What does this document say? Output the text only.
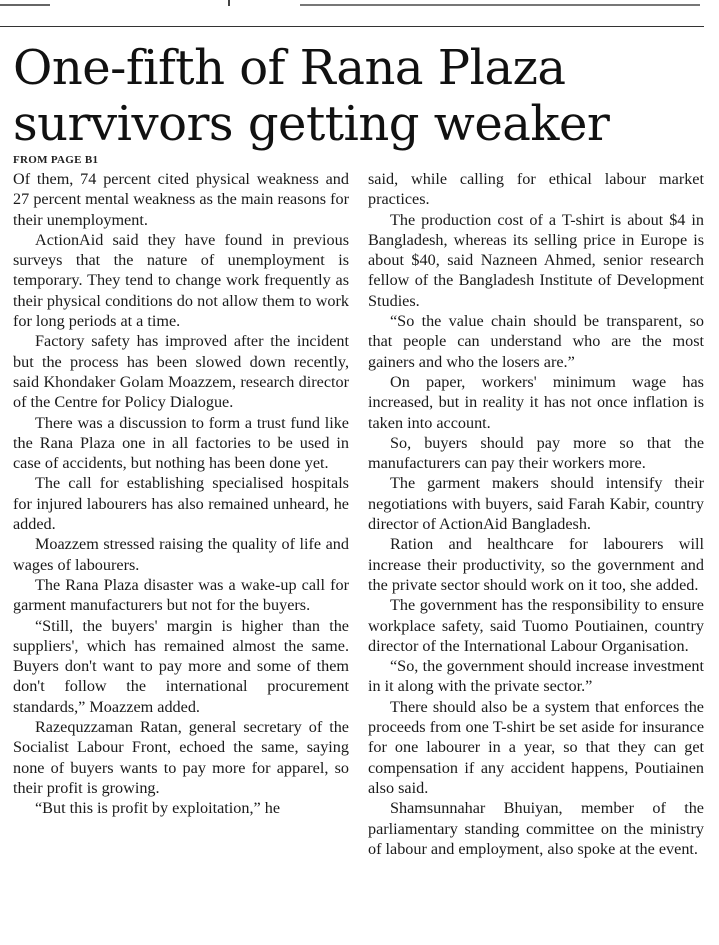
One-fifth of Rana Plaza
survivors getting weaker
FROM PAGE B1

Of them, 74 percent cited physical weakness and 27 percent mental weakness as the main reasons for their unemployment.

ActionAid said they have found in previous surveys that the nature of unemployment is temporary. They tend to change work frequently as their physical conditions do not allow them to work for long periods at a time.

Factory safety has improved after the incident but the process has been slowed down recently, said Khondaker Golam Moazzem, research director of the Centre for Policy Dialogue.

There was a discussion to form a trust fund like the Rana Plaza one in all factories to be used in case of accidents, but nothing has been done yet.

The call for establishing specialised hospitals for injured labourers has also remained unheard, he added.

Moazzem stressed raising the quality of life and wages of labourers.

The Rana Plaza disaster was a wake-up call for garment manufacturers but not for the buyers.

“Still, the buyers' margin is higher than the suppliers', which has remained almost the same. Buyers don't want to pay more and some of them don't follow the international procurement standards,” Moazzem added.

Razequzzaman Ratan, general secretary of the Socialist Labour Front, echoed the same, saying none of buyers wants to pay more for apparel, so their profit is growing.

“But this is profit by exploitation,” he

said, while calling for ethical labour market practices.

The production cost of a T-shirt is about $4 in Bangladesh, whereas its selling price in Europe is about $40, said Nazneen Ahmed, senior research fellow of the Bangladesh Institute of Development Studies.

“So the value chain should be transparent, so that people can understand who are the most gainers and who the losers are.”

On paper, workers' minimum wage has increased, but in reality it has not once inflation is taken into account.

So, buyers should pay more so that the manufacturers can pay their workers more.

The garment makers should intensify their negotiations with buyers, said Farah Kabir, country director of ActionAid Bangladesh.

Ration and healthcare for labourers will increase their productivity, so the government and the private sector should work on it too, she added.

The government has the responsibility to ensure workplace safety, said Tuomo Poutiainen, country director of the International Labour Organisation.

“So, the government should increase investment in it along with the private sector.”

There should also be a system that enforces the proceeds from one T-shirt be set aside for insurance for one labourer in a year, so that they can get compensation if any accident happens, Poutiainen also said.

Shamsunnahar Bhuiyan, member of the parliamentary standing committee on the ministry of labour and employment, also spoke at the event.
